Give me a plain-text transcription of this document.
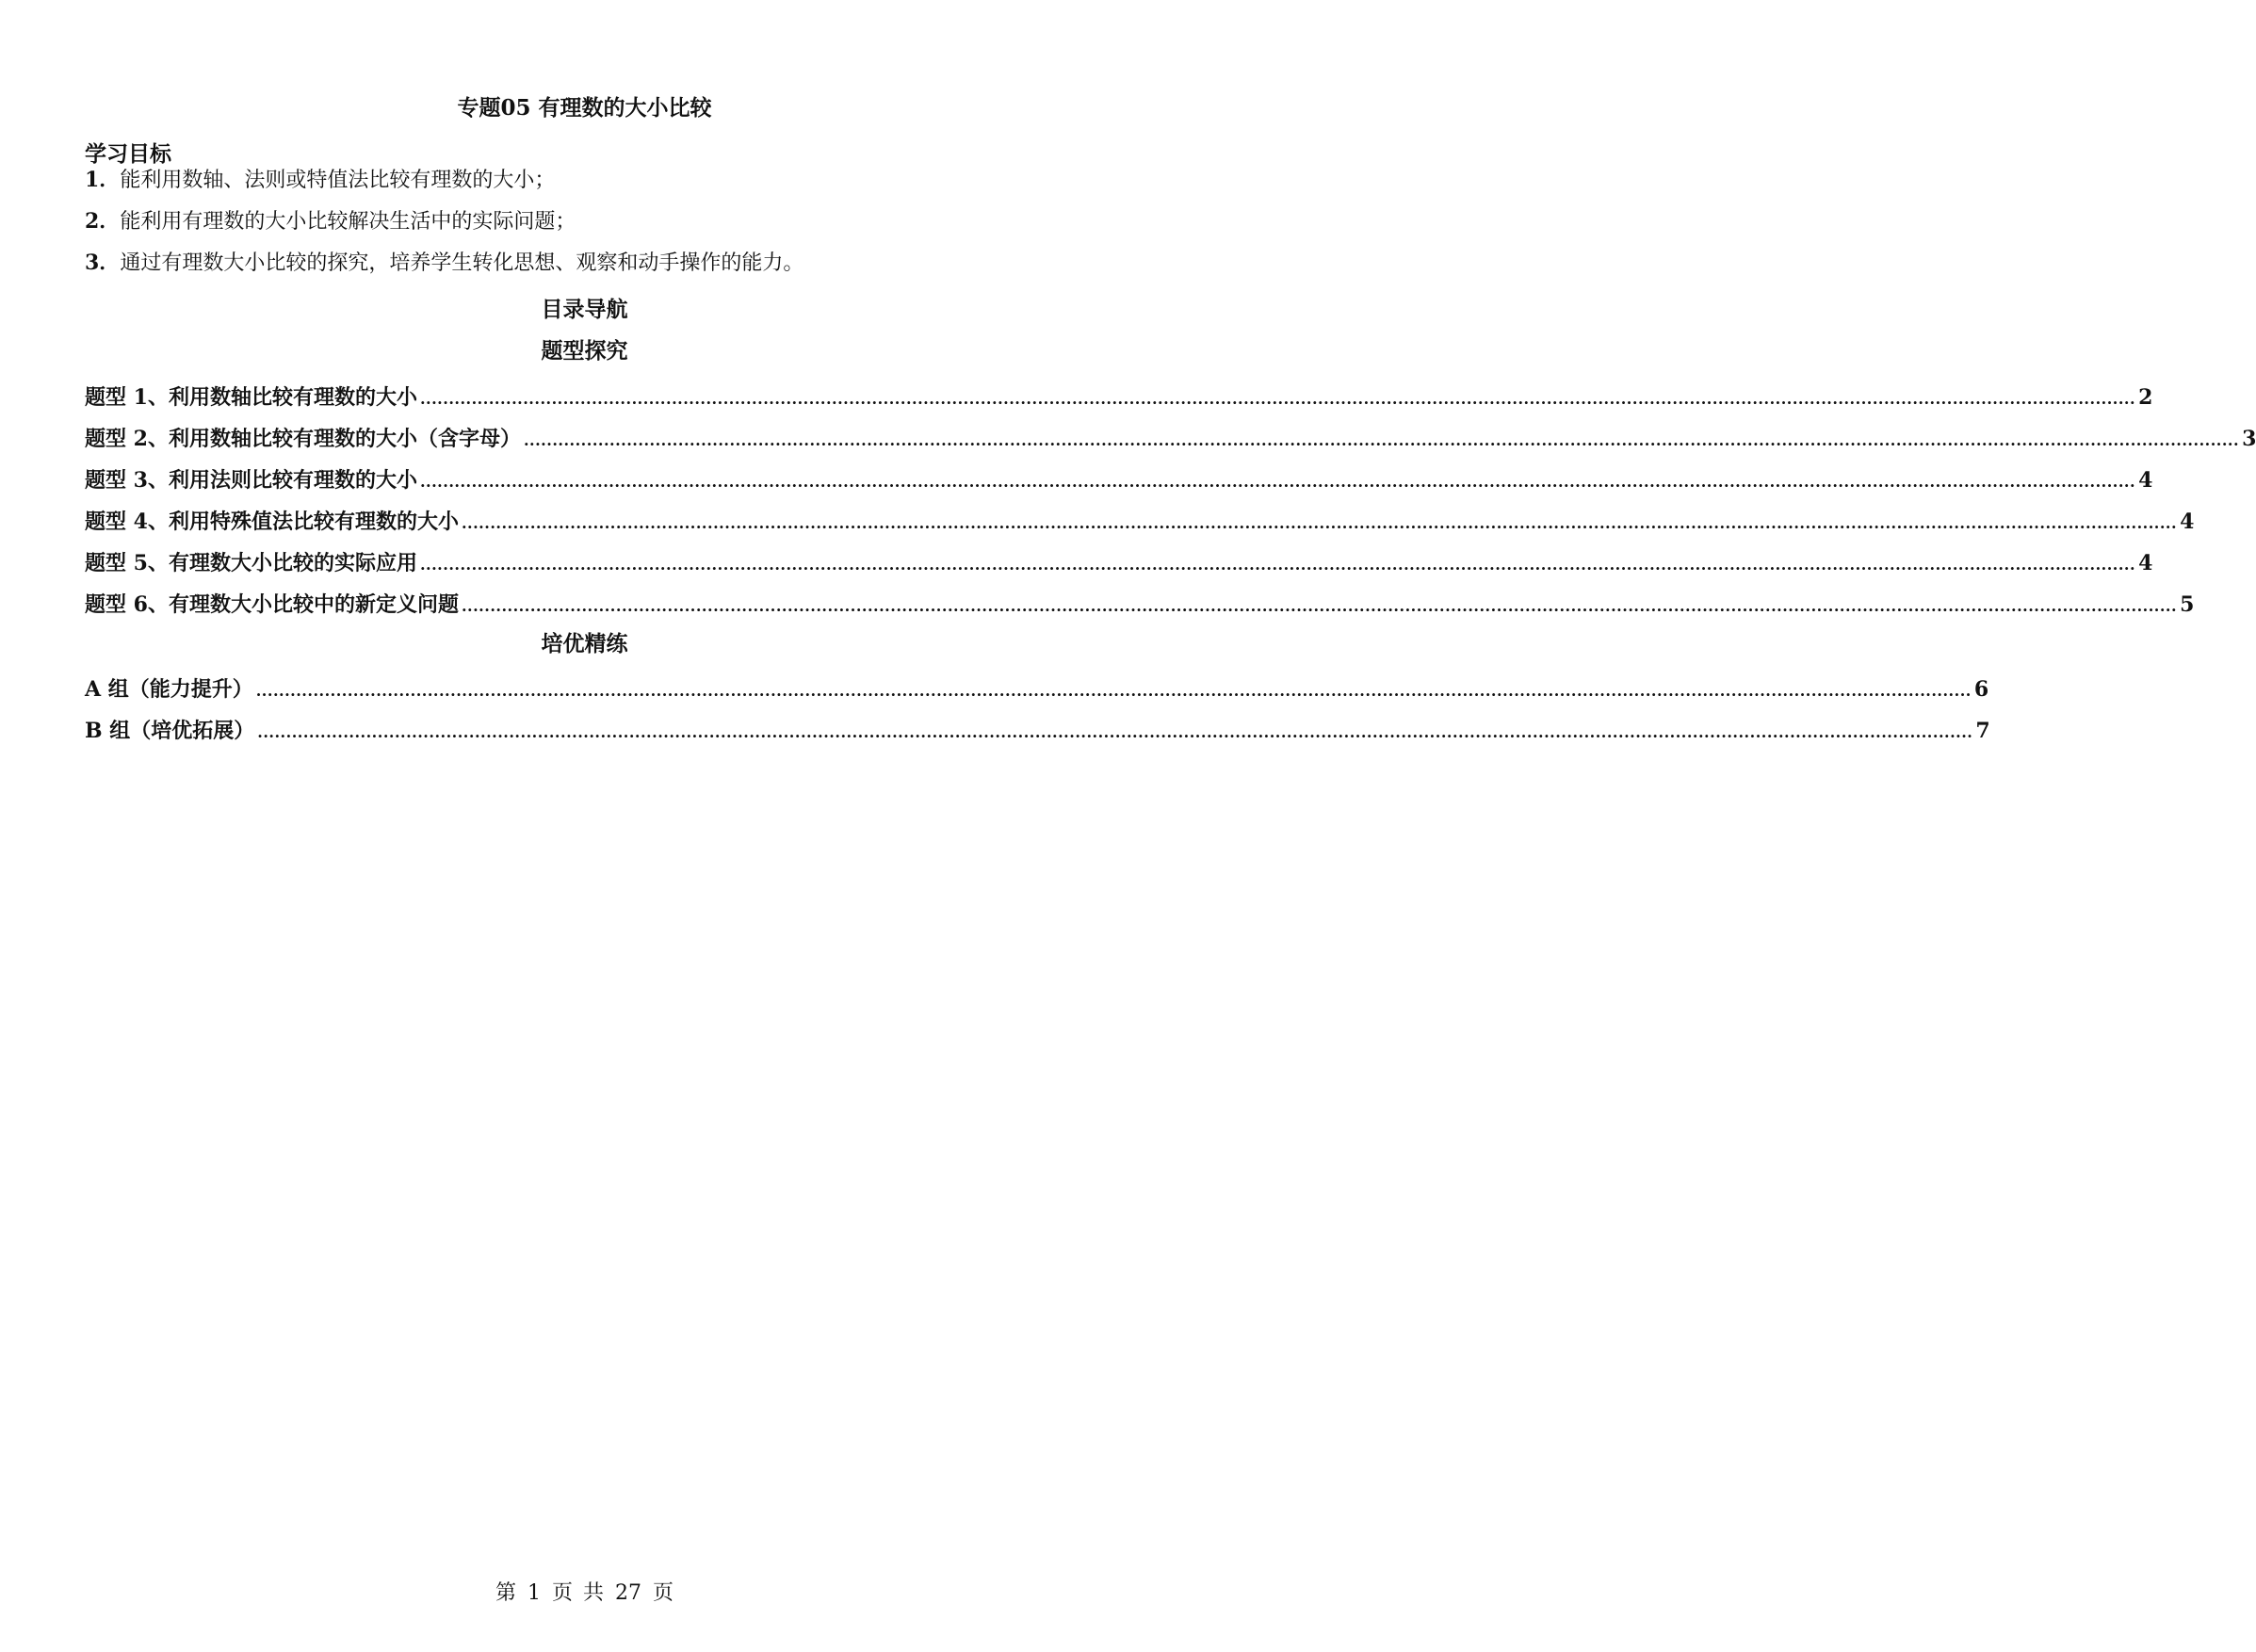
专题05 有理数的大小比较
学习目标
1．能利用数轴、法则或特值法比较有理数的大小；
2．能利用有理数的大小比较解决生活中的实际问题；
3．通过有理数大小比较的探究，培养学生转化思想、观察和动手操作的能力。
目录导航
题型探究
题型 1、利用数轴比较有理数的大小 ............................................................................................................................................................................................................................................................................................................ 2
题型 2、利用数轴比较有理数的大小（含字母） ............................................................................................................................................................................................................................................................................................................ 3
题型 3、利用法则比较有理数的大小 ............................................................................................................................................................................................................................................................................................................ 4
题型 4、利用特殊值法比较有理数的大小 ............................................................................................................................................................................................................................................................................................................ 4
题型 5、有理数大小比较的实际应用 ............................................................................................................................................................................................................................................................................................................ 4
题型 6、有理数大小比较中的新定义问题 ............................................................................................................................................................................................................................................................................................................ 5
培优精练
A 组（能力提升） ............................................................................................................................................................................................................................................................................................................ 6
B 组（培优拓展） ............................................................................................................................................................................................................................................................................................................ 7
第 1 页 共 27 页
